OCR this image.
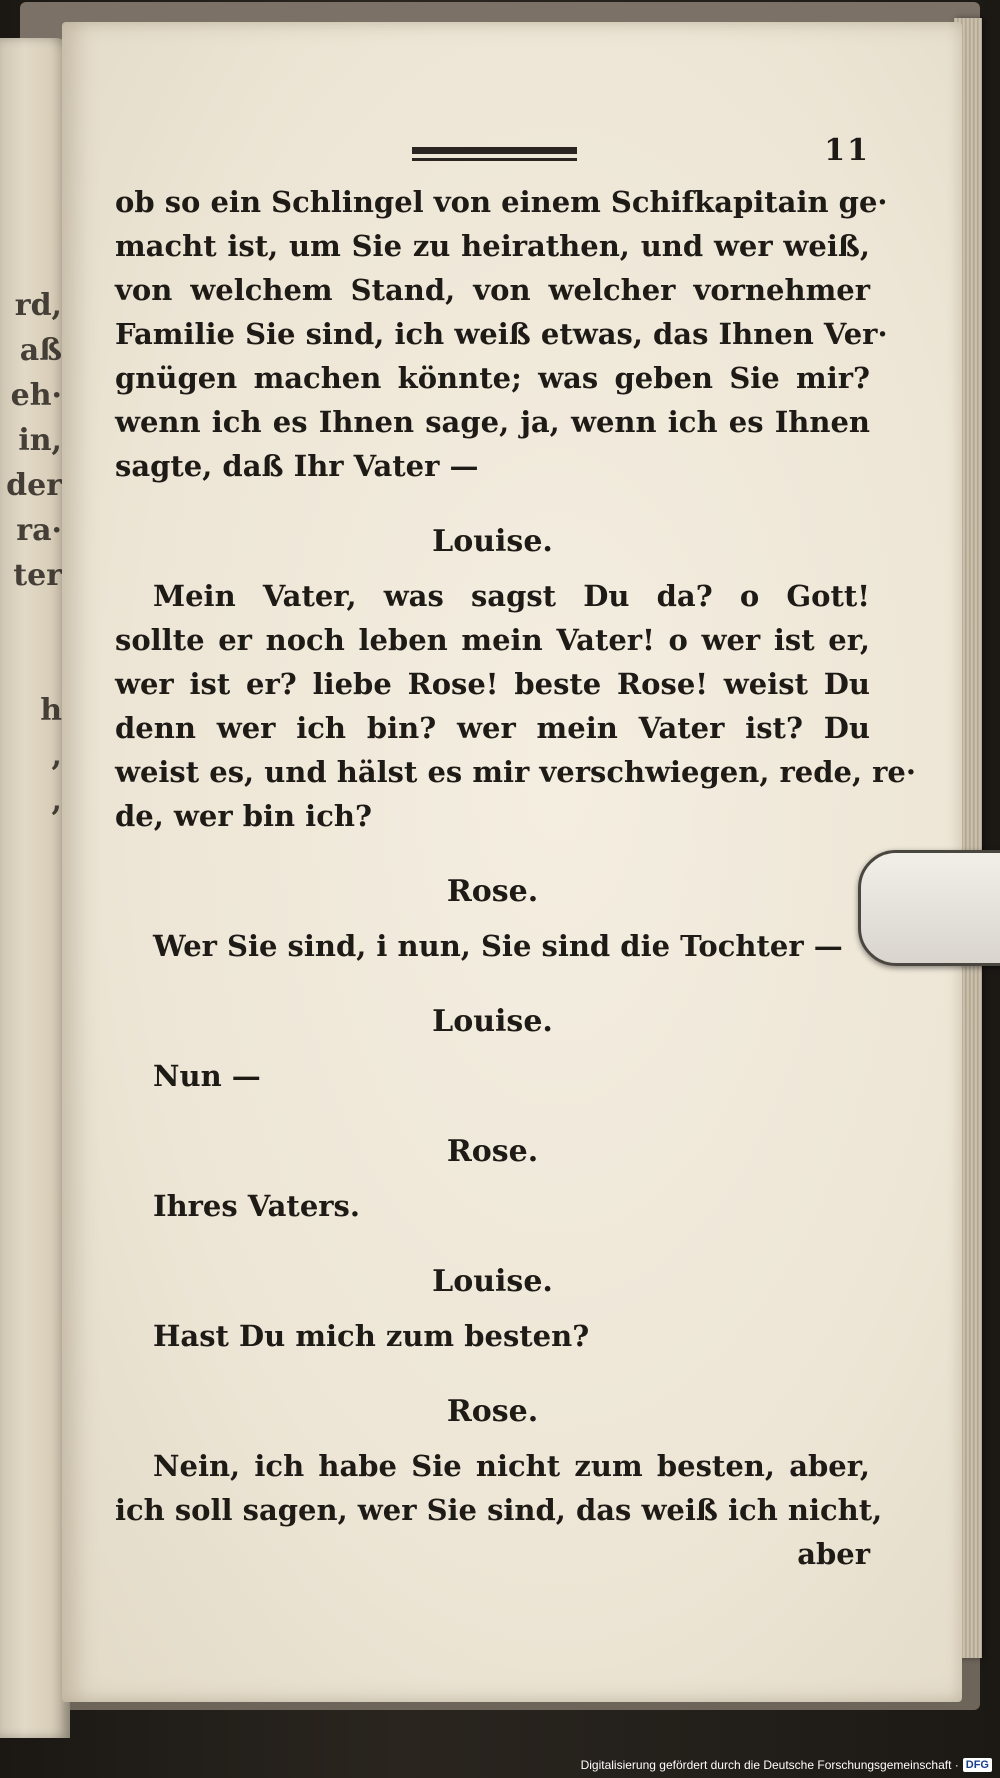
rd,
aß
eh·
in,
der
ra·
ter
h
,
,
11

ob so ein Schlingel von einem Schifkapitain ge·
macht ist, um Sie zu heirathen, und wer weiß,
von welchem Stand, von welcher vornehmer
Familie Sie sind, ich weiß etwas, das Ihnen Ver·
gnügen machen könnte; was geben Sie mir?
wenn ich es Ihnen sage, ja, wenn ich es Ihnen
sagte, daß Ihr Vater —

Louise.

Mein Vater, was sagst Du da? o Gott!
sollte er noch leben mein Vater! o wer ist er,
wer ist er? liebe Rose! beste Rose! weist Du
denn wer ich bin? wer mein Vater ist? Du
weist es, und hälst es mir verschwiegen, rede, re·
de, wer bin ich?

Rose.

Wer Sie sind, i nun, Sie sind die Tochter —

Louise.

Nun —

Rose.

Ihres Vaters.

Louise.

Hast Du mich zum besten?

Rose.

Nein, ich habe Sie nicht zum besten, aber,
ich soll sagen, wer Sie sind, das weiß ich nicht,

aber

Digitalisierung gefördert durch die Deutsche Forschungsgemeinschaft · DFG
